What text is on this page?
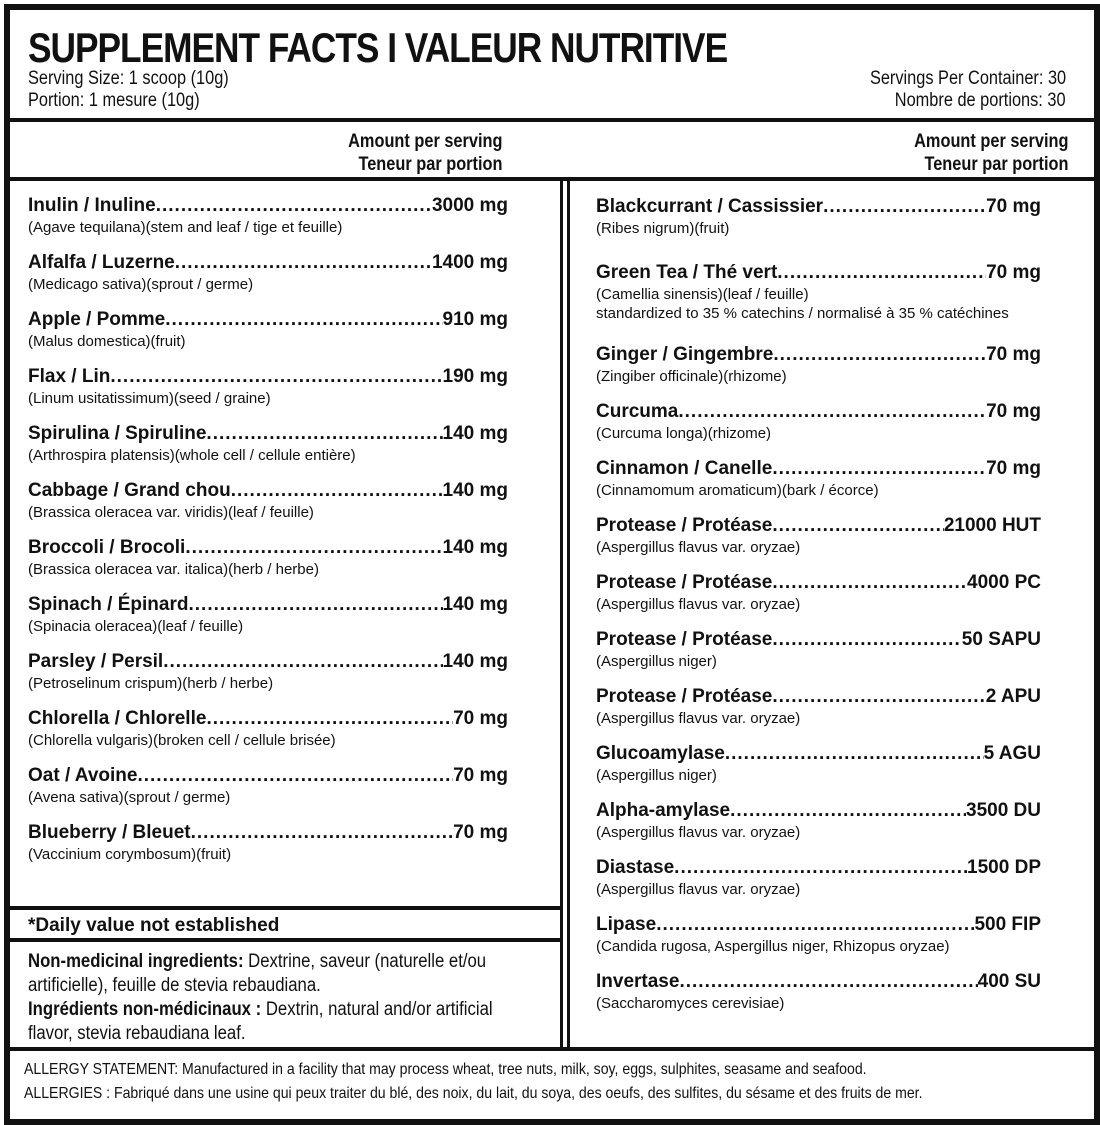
SUPPLEMENT FACTS I VALEUR NUTRITIVE
Serving Size: 1 scoop (10g)
Portion: 1 mesure (10g)
Servings Per Container: 30
Nombre de portions: 30
Amount per serving
Teneur par portion
Amount per serving
Teneur par portion
Inulin / Inuline .....	3000 mg
(Agave tequilana)(stem and leaf / tige et feuille)
Alfalfa / Luzerne .....	1400 mg
(Medicago sativa)(sprout / germe)
Apple / Pomme .....	910 mg
(Malus domestica)(fruit)
Flax / Lin .....	190 mg
(Linum usitatissimum)(seed / graine)
Spirulina / Spiruline .....	140 mg
(Arthrospira platensis)(whole cell / cellule entière)
Cabbage / Grand chou .....	140 mg
(Brassica oleracea var. viridis)(leaf / feuille)
Broccoli / Brocoli .....	140 mg
(Brassica oleracea var. italica)(herb / herbe)
Spinach / Épinard .....	140 mg
(Spinacia oleracea)(leaf / feuille)
Parsley / Persil .....	140 mg
(Petroselinum crispum)(herb / herbe)
Chlorella / Chlorelle .....	70 mg
(Chlorella vulgaris)(broken cell / cellule brisée)
Oat / Avoine .....	70 mg
(Avena sativa)(sprout / germe)
Blueberry / Bleuet .....	70 mg
(Vaccinium corymbosum)(fruit)
Blackcurrant / Cassissier .....	70 mg
(Ribes nigrum)(fruit)
Green Tea / Thé vert .....	70 mg
(Camellia sinensis)(leaf / feuille)
standardized to 35 % catechins / normalisé à 35 % catéchines
Ginger / Gingembre .....	70 mg
(Zingiber officinale)(rhizome)
Curcuma .....	70 mg
(Curcuma longa)(rhizome)
Cinnamon / Canelle .....	70 mg
(Cinnamomum aromaticum)(bark / écorce)
Protease / Protéase .....	21000 HUT
(Aspergillus flavus var. oryzae)
Protease / Protéase .....	4000 PC
(Aspergillus flavus var. oryzae)
Protease / Protéase .....	50 SAPU
(Aspergillus niger)
Protease / Protéase .....	2 APU
(Aspergillus flavus var. oryzae)
Glucoamylase .....	5 AGU
(Aspergillus niger)
Alpha-amylase .....	3500 DU
(Aspergillus flavus var. oryzae)
Diastase .....	1500 DP
(Aspergillus flavus var. oryzae)
Lipase .....	500 FIP
(Candida rugosa, Aspergillus niger, Rhizopus oryzae)
Invertase .....	400 SU
(Saccharomyces cerevisiae)
*Daily value not established
Non-medicinal ingredients: Dextrine, saveur (naturelle et/ou artificielle), feuille de stevia rebaudiana.
Ingrédients non-médicinaux : Dextrin, natural and/or artificial flavor, stevia rebaudiana leaf.
ALLERGY STATEMENT: Manufactured in a facility that may process wheat, tree nuts, milk, soy, eggs, sulphites, seasame and seafood.
ALLERGIES : Fabriqué dans une usine qui peux traiter du blé, des noix, du lait, du soya, des oeufs, des sulfites, du sésame et des fruits de mer.
